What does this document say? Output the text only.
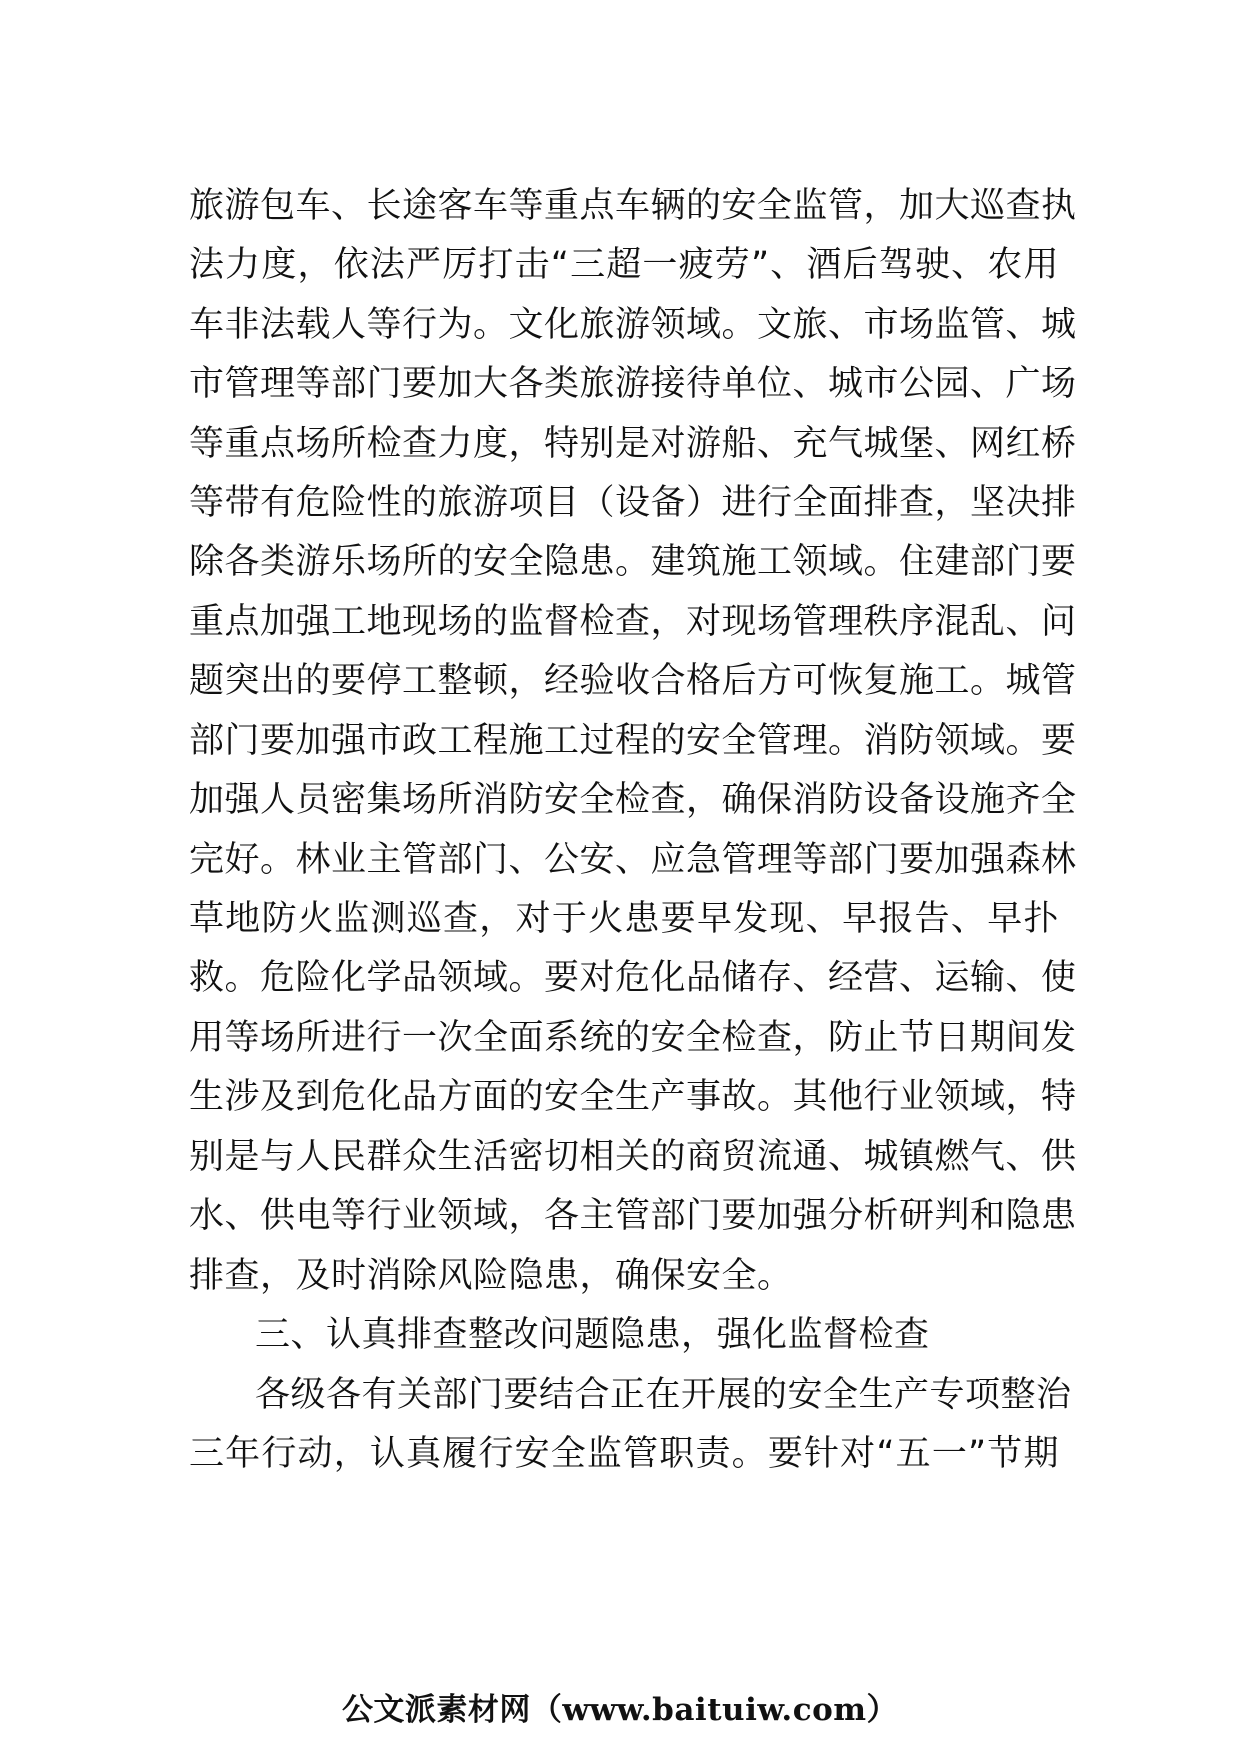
旅游包车、长途客车等重点车辆的安全监管，加大巡查执
法力度，依法严厉打击“三超一疲劳”、酒后驾驶、农用
车非法载人等行为。文化旅游领域。文旅、市场监管、城
市管理等部门要加大各类旅游接待单位、城市公园、广场
等重点场所检查力度，特别是对游船、充气城堡、网红桥
等带有危险性的旅游项目（设备）进行全面排查，坚决排
除各类游乐场所的安全隐患。建筑施工领域。住建部门要
重点加强工地现场的监督检查，对现场管理秩序混乱、问
题突出的要停工整顿，经验收合格后方可恢复施工。城管
部门要加强市政工程施工过程的安全管理。消防领域。要
加强人员密集场所消防安全检查，确保消防设备设施齐全
完好。林业主管部门、公安、应急管理等部门要加强森林
草地防火监测巡查，对于火患要早发现、早报告、早扑
救。危险化学品领域。要对危化品储存、经营、运输、使
用等场所进行一次全面系统的安全检查，防止节日期间发
生涉及到危化品方面的安全生产事故。其他行业领域，特
别是与人民群众生活密切相关的商贸流通、城镇燃气、供
水、供电等行业领域，各主管部门要加强分析研判和隐患
排查，及时消除风险隐患，确保安全。
三、认真排查整改问题隐患，强化监督检查
各级各有关部门要结合正在开展的安全生产专项整治
三年行动，认真履行安全监管职责。要针对“五一”节期
公文派素材网（www.baituiw.com）
